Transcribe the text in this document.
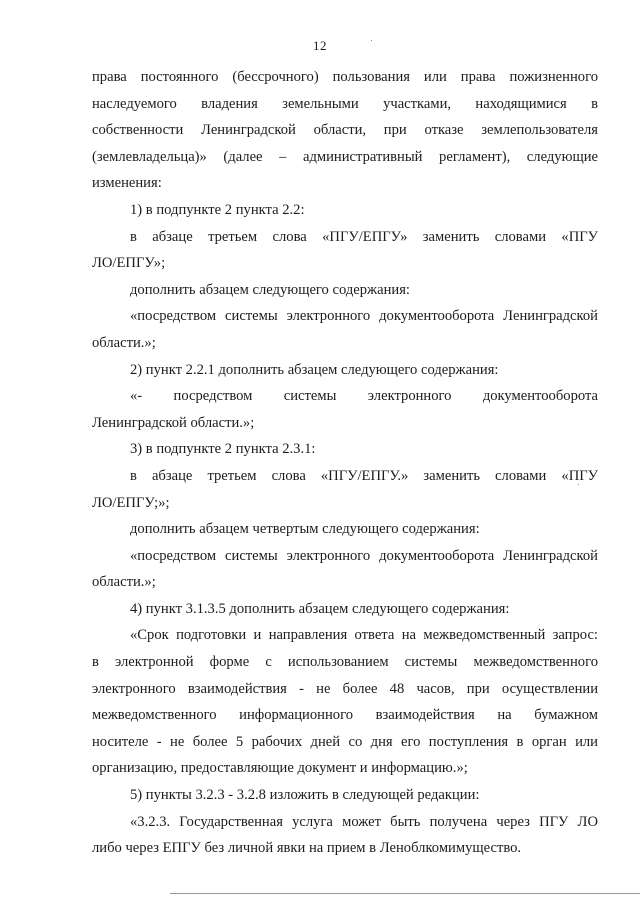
12

права постоянного (бессрочного) пользования или права пожизненного
наследуемого владения земельными участками, находящимися в
собственности Ленинградской области, при отказе землепользователя
(землевладельца)» (далее – административный регламент), следующие
изменения:

1) в подпункте 2 пункта 2.2:

в абзаце третьем слова «ПГУ/ЕПГУ» заменить словами «ПГУ
ЛО/ЕПГУ»;

дополнить абзацем следующего содержания:

«посредством системы электронного документооборота Ленинградской
области.»;

2) пункт 2.2.1 дополнить абзацем следующего содержания:

«- посредством системы электронного документооборота
Ленинградской области.»;

3) в подпункте 2 пункта 2.3.1:

в абзаце третьем слова «ПГУ/ЕПГУ.» заменить словами «ПГУ
ЛО/ЕПГУ;»;

дополнить абзацем четвертым следующего содержания:

«посредством системы электронного документооборота Ленинградской
области.»;

4) пункт 3.1.3.5 дополнить абзацем следующего содержания:

«Срок подготовки и направления ответа на межведомственный запрос:
в электронной форме с использованием системы межведомственного
электронного взаимодействия - не более 48 часов, при осуществлении
межведомственного информационного взаимодействия на бумажном
носителе - не более 5 рабочих дней со дня его поступления в орган или
организацию, предоставляющие документ и информацию.»;

5) пункты 3.2.3 - 3.2.8 изложить в следующей редакции:

«3.2.3. Государственная услуга может быть получена через ПГУ ЛО
либо через ЕПГУ без личной явки на прием в Леноблкомимущество.
